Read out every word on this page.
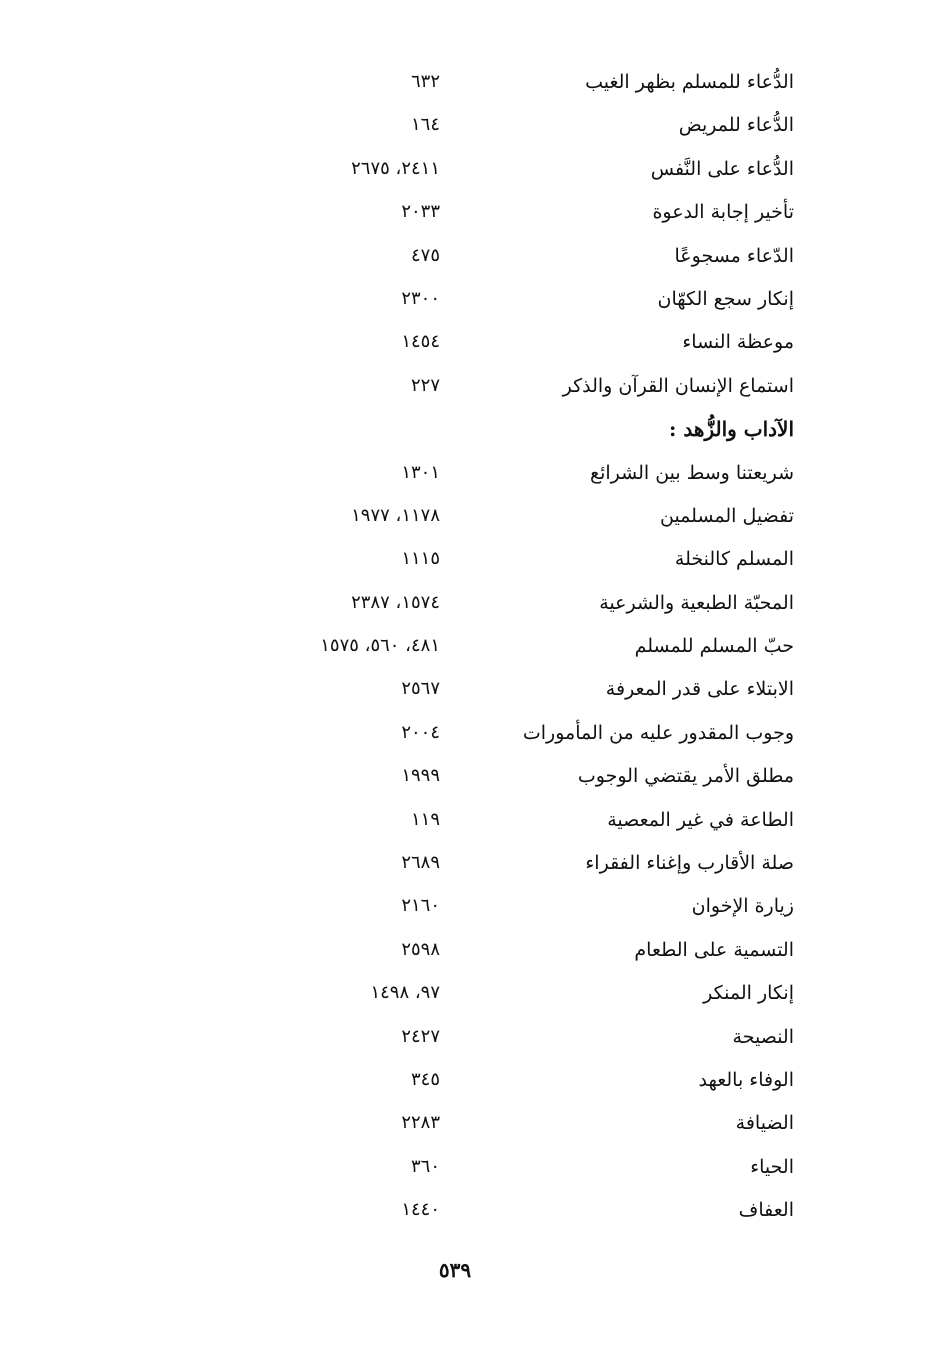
الدُّعاء للمسلم بظهر الغيب
٦٣٢
الدُّعاء للمريض
١٦٤
الدُّعاء على النَّفس
٢٤١١، ٢٦٧٥
تأخير إجابة الدعوة
٢٠٣٣
الدّعاء مسجوعًا
٤٧٥
إنكار سجع الكهّان
٢٣٠٠
موعظة النساء
١٤٥٤
استماع الإنسان القرآن والذكر
٢٢٧
الآداب والزُّهد :
شريعتنا وسط بين الشرائع
١٣٠١
تفضيل المسلمين
١١٧٨، ١٩٧٧
المسلم كالنخلة
١١١٥
المحبّة الطبعية والشرعية
١٥٧٤، ٢٣٨٧
حبّ المسلم للمسلم
٤٨١، ٥٦٠، ١٥٧٥
الابتلاء على قدر المعرفة
٢٥٦٧
وجوب المقدور عليه من المأمورات
٢٠٠٤
مطلق الأمر يقتضي الوجوب
١٩٩٩
الطاعة في غير المعصية
١١٩
صلة الأقارب وإغناء الفقراء
٢٦٨٩
زيارة الإخوان
٢١٦٠
التسمية على الطعام
٢٥٩٨
إنكار المنكر
٩٧، ١٤٩٨
النصيحة
٢٤٢٧
الوفاء بالعهد
٣٤٥
الضيافة
٢٢٨٣
الحياء
٣٦٠
العفاف
١٤٤٠
٥٣٩
